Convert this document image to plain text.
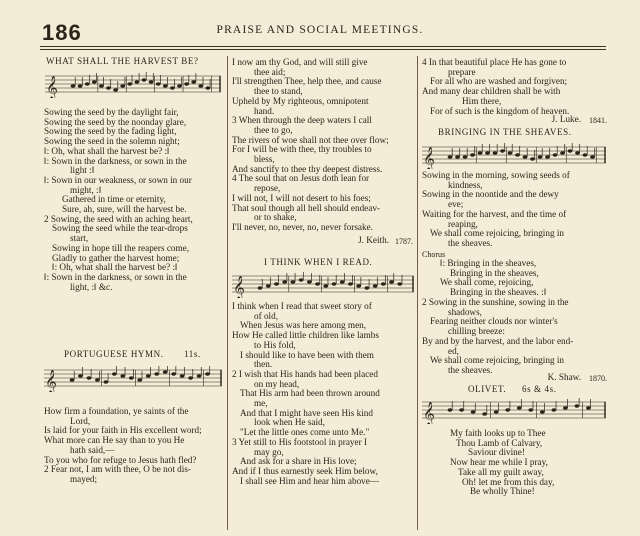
186	PRAISE AND SOCIAL MEETINGS.
WHAT SHALL THE HARVEST BE?
𝄞
Sowing the seed by the daylight fair,
Sowing the seed by the noonday glare,
Sowing the seed by the fading light,
Sowing the seed in the solemn night;
‖: Oh, what shall the harvest be? :‖
‖: Sown in the darkness, or sown in the
light :‖
‖: Sown in our weakness, or sown in our
might, :‖
Gathered in time or eternity,
Sure, ah, sure, will the harvest be.
2 Sowing, the seed with an aching heart,
Sowing the seed while the tear-drops
start,
Sowing in hope till the reapers come,
Gladly to gather the harvest home;
‖: Oh, what shall the harvest be? :‖
‖: Sown in the darkness, or sown in the
light, :‖ &c.
PORTUGUESE HYMN. 11s.
𝄞
How firm a foundation, ye saints of the
Lord,
Is laid for your faith in His excellent word;
What more can He say than to you He
hath said,—
To you who for refuge to Jesus hath fled?
2 Fear not, I am with thee, O be not dis-
mayed;
I now am thy God, and will still give
thee aid;
I'll strengthen Thee, help thee, and cause
thee to stand,
Upheld by My righteous, omnipotent
hand.
3 When through the deep waters I call
thee to go,
The rivers of woe shall not thee over flow;
For I will be with thee, thy troubles to
bless,
And sanctify to thee thy deepest distress.
4 The soul that on Jesus doth lean for
repose,
I will not, I will not desert to his foes;
That soul though all hell should endeav-
or to shake,
I'll never, no, never, no, never forsake.
J. Keith. 1787.
I THINK WHEN I READ.
𝄞
I think when I read that sweet story of
of old,
When Jesus was here among men,
How He called little children like lambs
to His fold,
I should like to have been with them
then.
2 I wish that His hands had been placed
on my head,
That His arm had been thrown around
me,
And that I might have seen His kind
look when He said,
"Let the little ones come unto Me."
3 Yet still to His footstool in prayer I
may go,
And ask for a share in His love;
And if I thus earnestly seek Him below,
I shall see Him and hear him above—
4 In that beautiful place He has gone to
prepare
For all who are washed and forgiven;
And many dear children shall be with
Him there,
For of such is the kingdom of heaven.
J. Luke. 1841.
BRINGING IN THE SHEAVES.
𝄞
Sowing in the morning, sowing seeds of
kindness,
Sowing in the noontide and the dewy
eve;
Waiting for the harvest, and the time of
reaping,
We shall come rejoicing, bringing in
the sheaves.
Chorus
‖: Bringing in the sheaves,
Bringing in the sheaves,
We shall come, rejoicing,
Bringing in the sheaves. :‖
2 Sowing in the sunshine, sowing in the
shadows,
Fearing neither clouds nor winter's
chilling breeze:
By and by the harvest, and the labor end-
ed,
We shall come rejoicing, bringing in
the sheaves.
K. Shaw. 1870.
OLIVET. 6s & 4s.
𝄞
My faith looks up to Thee
Thou Lamb of Calvary,
Saviour divine!
Now hear me while I pray,
Take all my guilt away,
Oh! let me from this day,
Be wholly Thine!
